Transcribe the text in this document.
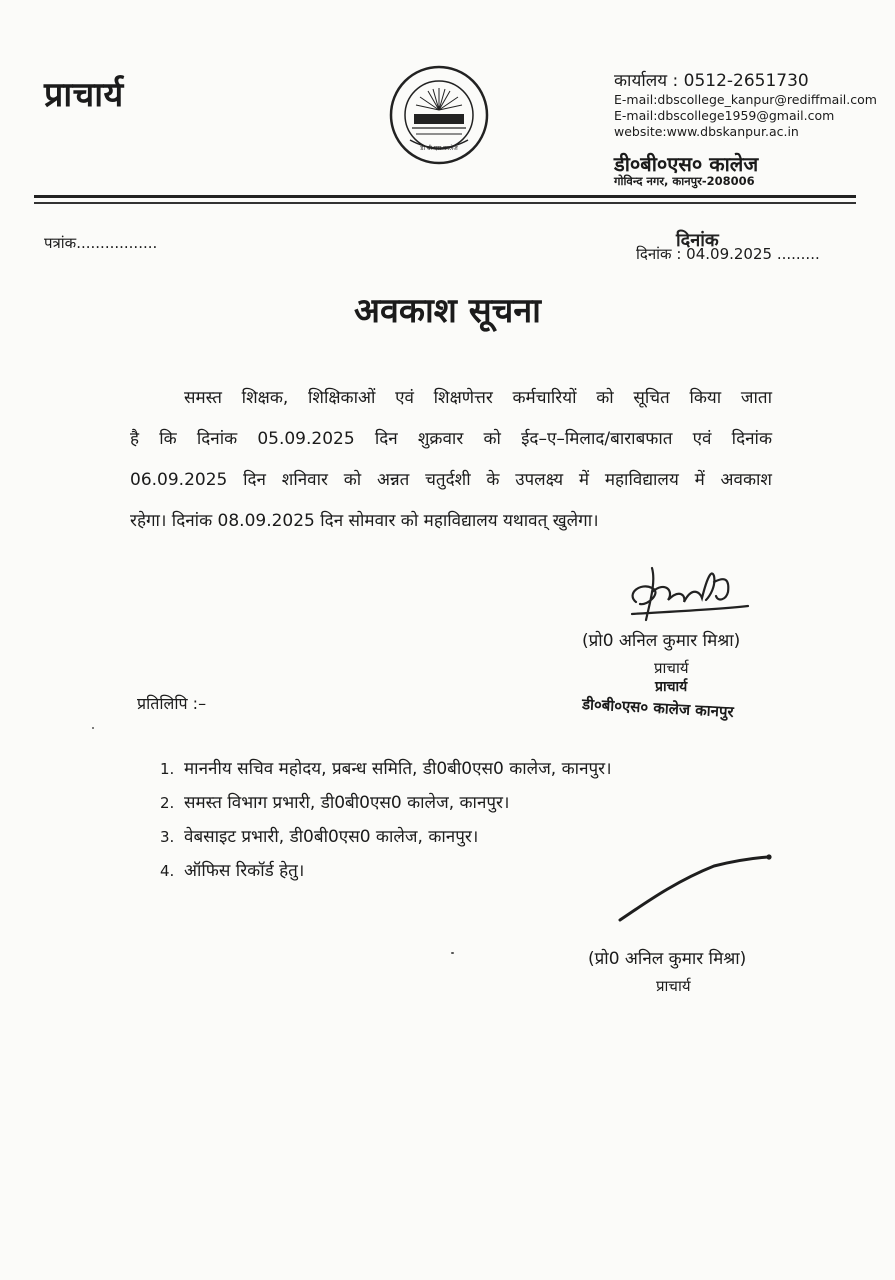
प्राचार्य
डी बी एस कालेज
कार्यालय : 0512-2651730
E-mail:dbscollege_kanpur@rediffmail.com
E-mail:dbscollege1959@gmail.com
website:www.dbskanpur.ac.in
डी०बी०एस० कालेज
गोविन्द नगर, कानपुर-208006
पत्रांक.................
दिनांक : 04.09.2025 .........
दिनांक
अवकाश सूचना
समस्त शिक्षक, शिक्षिकाओं एवं शिक्षणेत्तर कर्मचारियों को सूचित किया जाता
है कि दिनांक 05.09.2025 दिन शुक्रवार को ईद–ए–मिलाद/बाराबफात एवं दिनांक
06.09.2025 दिन शनिवार को अन्नत चतुर्दशी के उपलक्ष्य में महाविद्यालय में अवकाश
रहेगा। दिनांक 08.09.2025 दिन सोमवार को महाविद्यालय यथावत् खुलेगा।
(प्रो0 अनिल कुमार मिश्रा)
प्राचार्य
प्राचार्य
डी०बी०एस० कालेज कानपुर
प्रतिलिपि :–
1. माननीय सचिव महोदय, प्रबन्ध समिति, डी0बी0एस0 कालेज, कानपुर।
2. समस्त विभाग प्रभारी, डी0बी0एस0 कालेज, कानपुर।
3. वेबसाइट प्रभारी, डी0बी0एस0 कालेज, कानपुर।
4. ऑफिस रिकॉर्ड हेतु।
(प्रो0 अनिल कुमार मिश्रा)
प्राचार्य
